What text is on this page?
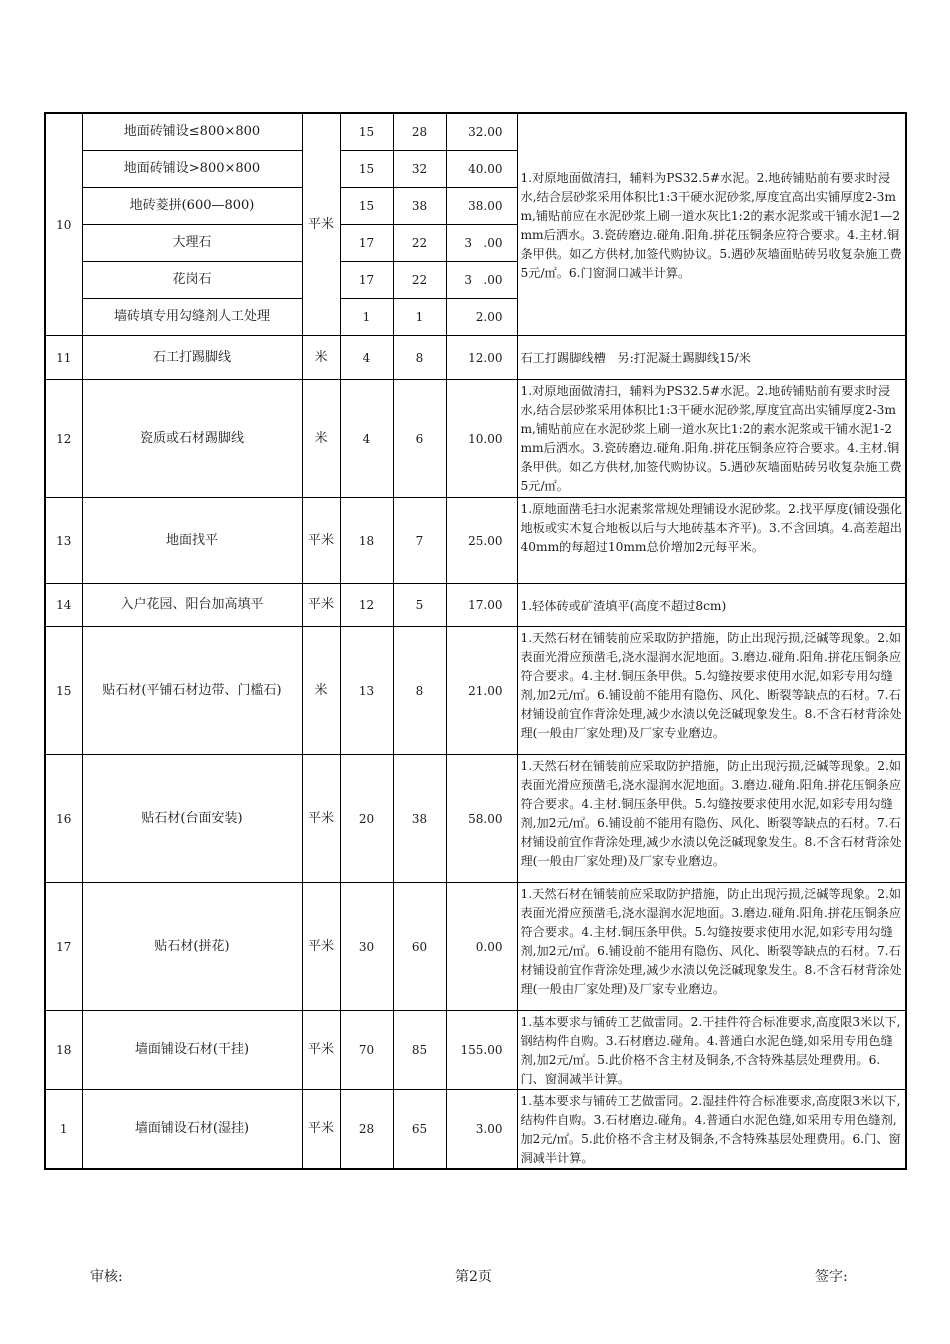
10	地面砖铺设≤800×800	平米	15	28	32.00	1.对原地面做清扫，辅料为PS32.5#水泥。2.地砖铺贴前有要求时浸水,结合层砂浆采用体积比1:3干硬水泥砂浆,厚度宜高出实铺厚度2-3mm,铺贴前应在水泥砂浆上刷一道水灰比1:2的素水泥浆或干铺水泥1—2mm后洒水。3.瓷砖磨边.碰角.阳角.拼花压铜条应符合要求。4.主材.铜条甲供。如乙方供材,加签代购协议。5.遇砂灰墙面贴砖另收复杂施工费5元/㎡。6.门窗洞口减半计算。
	地面砖铺设>800×800		15	32	40.00	
	地砖菱拼(600—800)		15	38	38.00	
	大理石		17	22	3   .00	
	花岗石		17	22	3   .00	
	墙砖填专用勾缝剂人工处理		1	1	2.00	
11	石工打踢脚线	米	4	8	12.00	石工打踢脚线槽   另:打泥凝土踢脚线15/米
12	瓷质或石材踢脚线	米	4	6	10.00	1.对原地面做清扫，辅料为PS32.5#水泥。2.地砖铺贴前有要求时浸水,结合层砂浆采用体积比1:3干硬水泥砂浆,厚度宜高出实铺厚度2-3mm,铺贴前应在水泥砂浆上刷一道水灰比1:2的素水泥浆或干铺水泥1-2mm后洒水。3.瓷砖磨边.碰角.阳角.拼花压铜条应符合要求。4.主材.铜条甲供。如乙方供材,加签代购协议。5.遇砂灰墙面贴砖另收复杂施工费5元/㎡。
13	地面找平	平米	18	7	25.00	1.原地面凿毛扫水泥素浆常规处理铺设水泥砂浆。2.找平厚度(铺设强化地板或实木复合地板以后与大地砖基本齐平)。3.不含回填。4.高差超出40mm的每超过10mm总价增加2元每平米。
14	入户花园、阳台加高填平	平米	12	5	17.00	1.轻体砖或矿渣填平(高度不超过8cm)
15	贴石材(平铺石材边带、门槛石)	米	13	8	21.00	1.天然石材在铺装前应采取防护措施，防止出现污损,泛碱等现象。2.如表面光滑应预凿毛,浇水湿润水泥地面。3.磨边.碰角.阳角.拼花压铜条应符合要求。4.主材.铜压条甲供。5.勾缝按要求使用水泥,如彩专用勾缝剂,加2元/㎡。6.铺设前不能用有隐伤、风化、断裂等缺点的石材。7.石材铺设前宜作背涂处理,减少水渍以免泛碱现象发生。8.不含石材背涂处理(一般由厂家处理)及厂家专业磨边。
16	贴石材(台面安装)	平米	20	38	58.00	1.天然石材在铺装前应采取防护措施，防止出现污损,泛碱等现象。2.如表面光滑应预凿毛,浇水湿润水泥地面。3.磨边.碰角.阳角.拼花压铜条应符合要求。4.主材.铜压条甲供。5.勾缝按要求使用水泥,如彩专用勾缝剂,加2元/㎡。6.铺设前不能用有隐伤、风化、断裂等缺点的石材。7.石材铺设前宜作背涂处理,减少水渍以免泛碱现象发生。8.不含石材背涂处理(一般由厂家处理)及厂家专业磨边。
17	贴石材(拼花)	平米	30	60	0.00	1.天然石材在铺装前应采取防护措施，防止出现污损,泛碱等现象。2.如表面光滑应预凿毛,浇水湿润水泥地面。3.磨边.碰角.阳角.拼花压铜条应符合要求。4.主材.铜压条甲供。5.勾缝按要求使用水泥,如彩专用勾缝剂,加2元/㎡。6.铺设前不能用有隐伤、风化、断裂等缺点的石材。7.石材铺设前宜作背涂处理,减少水渍以免泛碱现象发生。8.不含石材背涂处理(一般由厂家处理)及厂家专业磨边。
18	墙面铺设石材(干挂)	平米	70	85	155.00	1.基本要求与铺砖工艺做雷同。2.干挂件符合标准要求,高度限3米以下,钢结构件自购。3.石材磨边.碰角。4.普通白水泥色缝,如采用专用色缝剂,加2元/㎡。5.此价格不含主材及铜条,不含特殊基层处理费用。6.门、窗洞减半计算。
1	墙面铺设石材(湿挂)	平米	28	65	3.00	1.基本要求与铺砖工艺做雷同。2.湿挂件符合标准要求,高度限3米以下,结构件自购。3.石材磨边.碰角。4.普通白水泥色缝,如采用专用色缝剂,加2元/㎡。5.此价格不含主材及铜条,不含特殊基层处理费用。6.门、窗洞减半计算。
审核:	第2页	签字:
